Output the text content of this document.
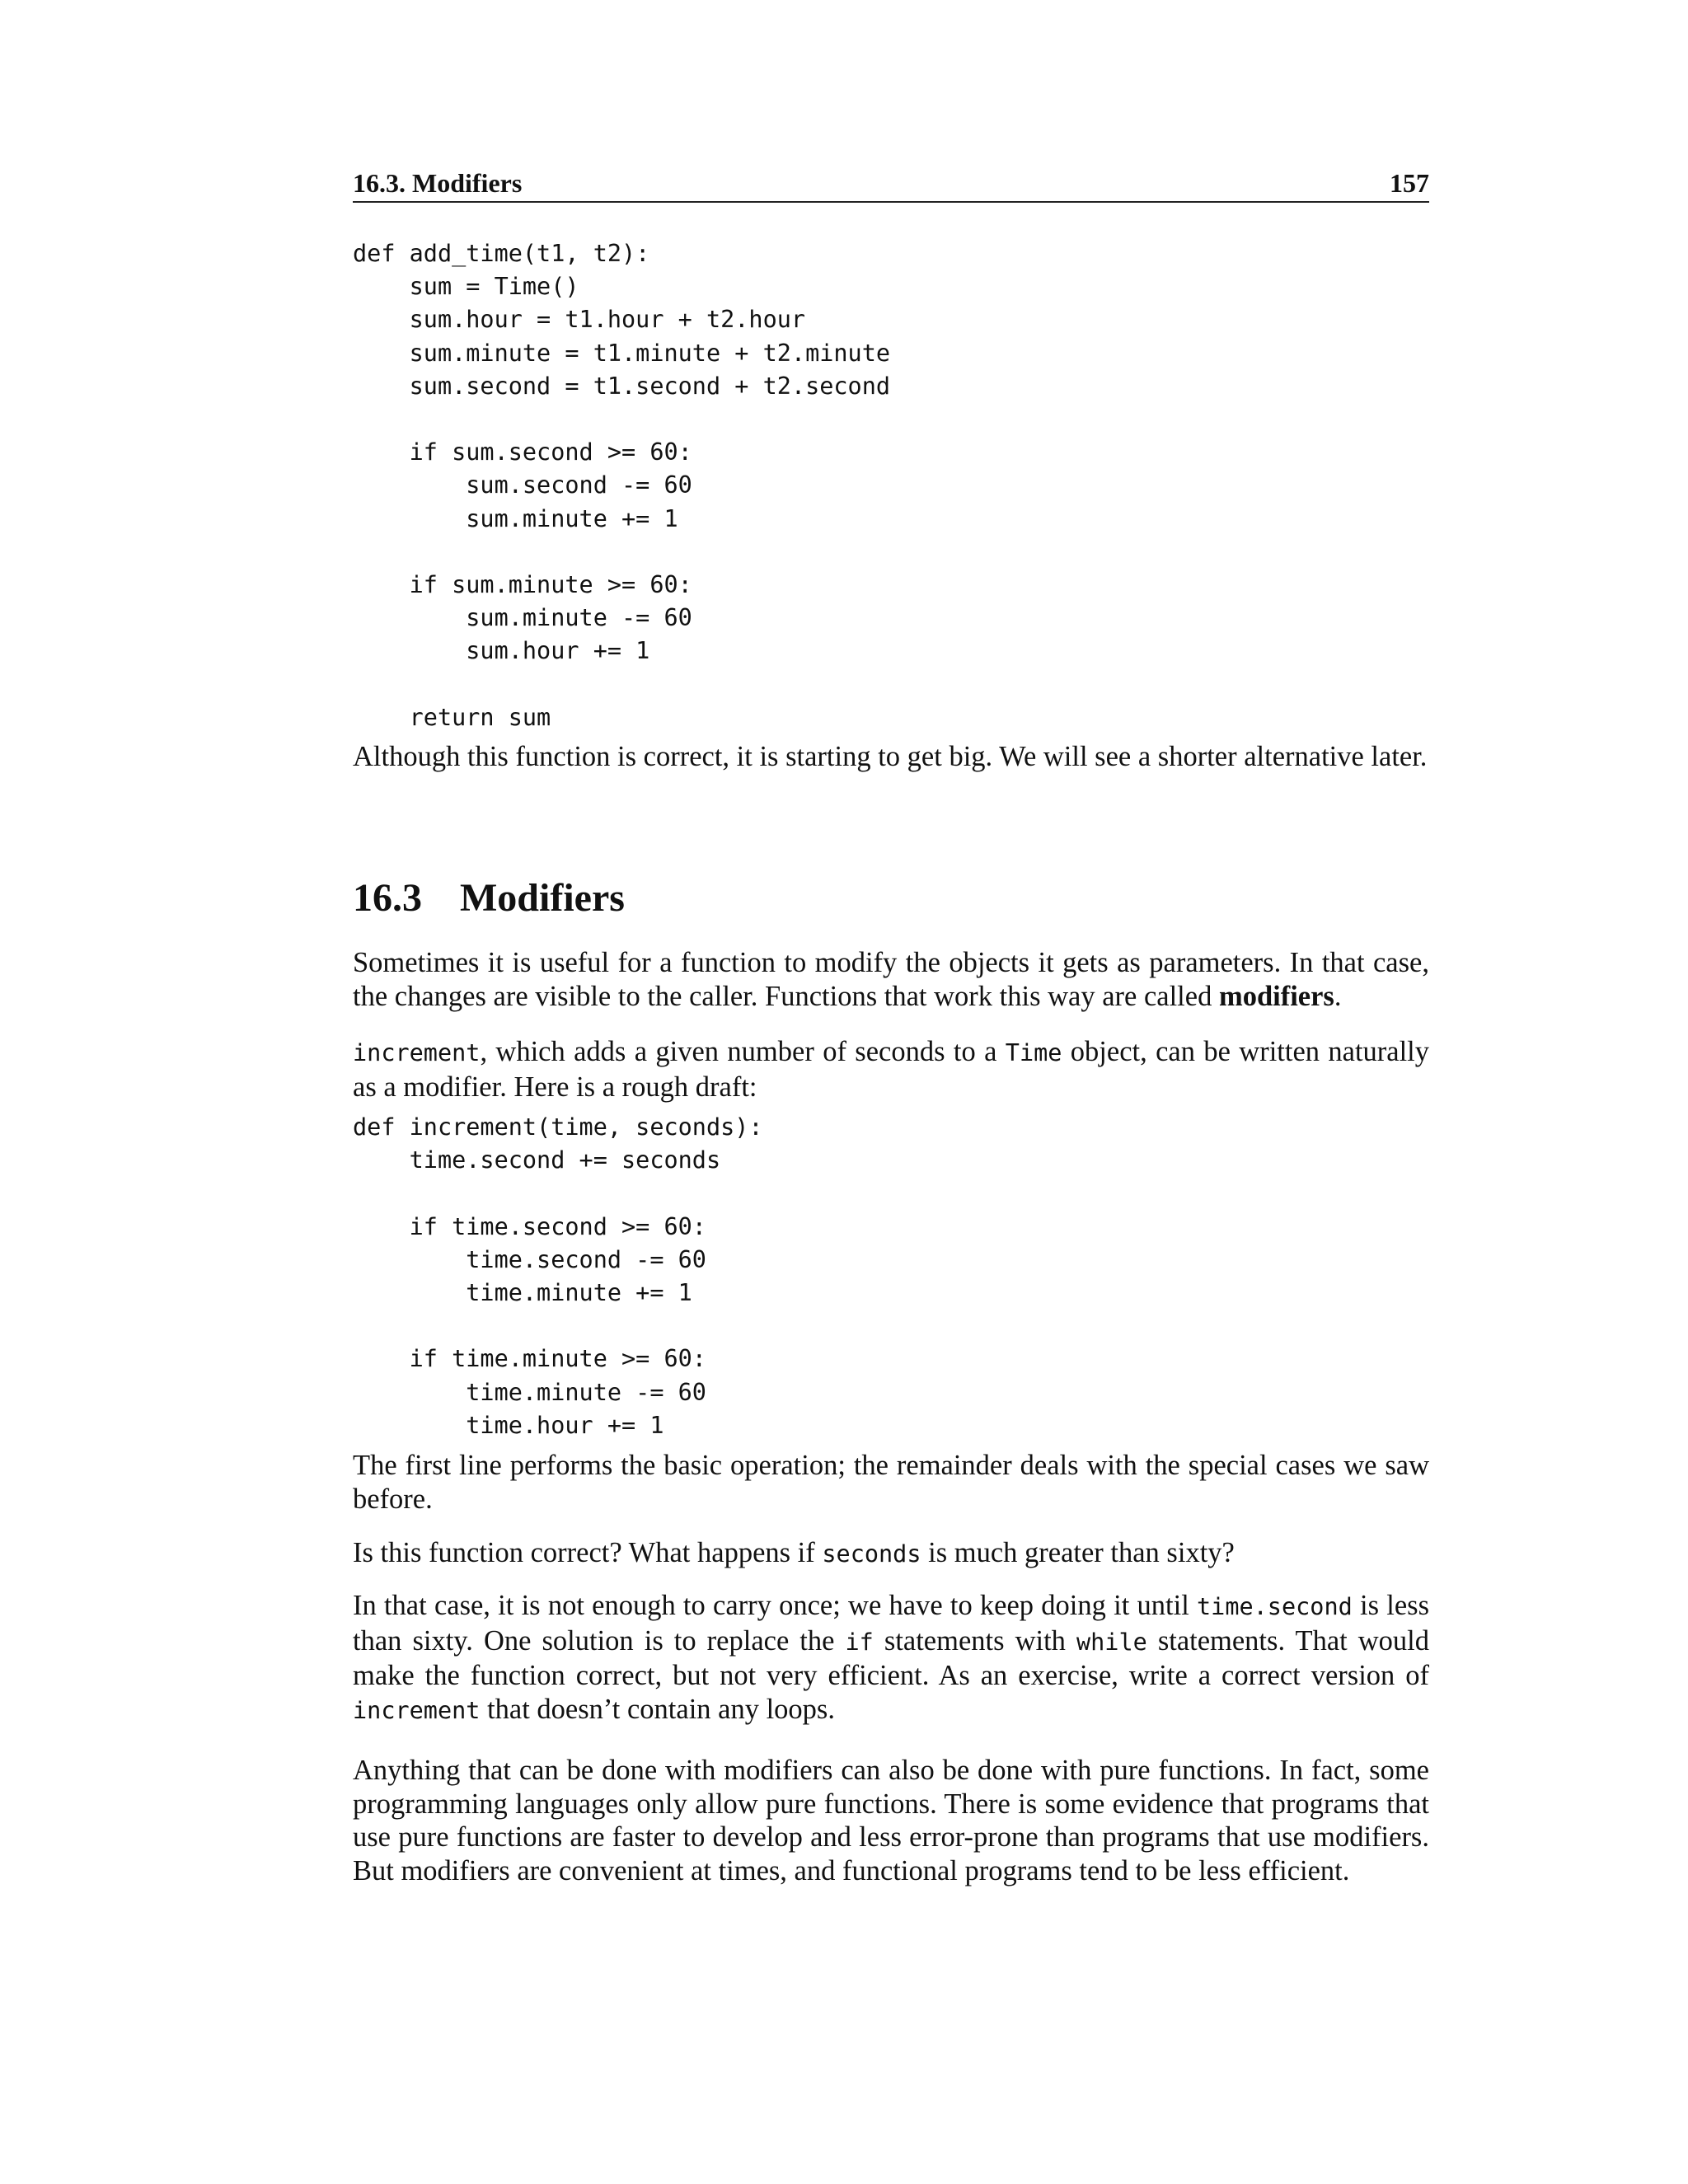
16.3. Modifiers	157
def add_time(t1, t2):
sum = Time()
sum.hour = t1.hour + t2.hour
sum.minute = t1.minute + t2.minute
sum.second = t1.second + t2.second

if sum.second >= 60:
sum.second -= 60
sum.minute += 1

if sum.minute >= 60:
sum.minute -= 60
sum.hour += 1

return sum

Although this function is correct, it is starting to get big. We will see a shorter alternative later.

16.3 Modifiers

Sometimes it is useful for a function to modify the objects it gets as parameters. In that case, the changes are visible to the caller. Functions that work this way are called modifiers.

increment, which adds a given number of seconds to a Time object, can be written naturally as a modifier. Here is a rough draft:

def increment(time, seconds):
time.second += seconds

if time.second >= 60:
time.second -= 60
time.minute += 1

if time.minute >= 60:
time.minute -= 60
time.hour += 1

The first line performs the basic operation; the remainder deals with the special cases we saw before.

Is this function correct? What happens if seconds is much greater than sixty?

In that case, it is not enough to carry once; we have to keep doing it until time.second is less than sixty. One solution is to replace the if statements with while statements. That would make the function correct, but not very efficient. As an exercise, write a correct version of increment that doesn’t contain any loops.

Anything that can be done with modifiers can also be done with pure functions. In fact, some programming languages only allow pure functions. There is some evidence that programs that use pure functions are faster to develop and less error-prone than programs that use modifiers. But modifiers are convenient at times, and functional programs tend to be less efficient.
